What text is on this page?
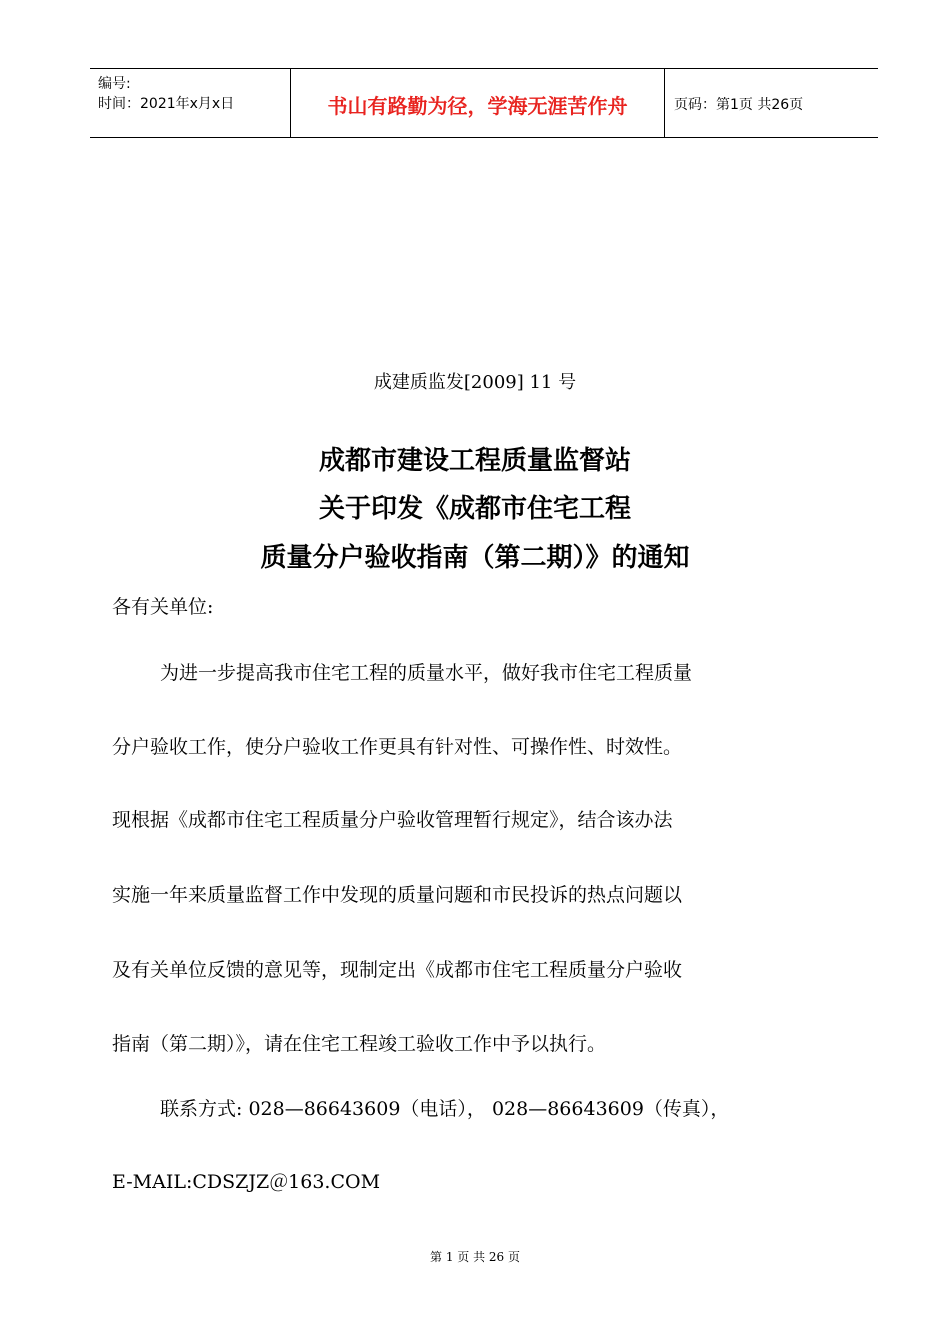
编号:
时间：2021年x月x日	书山有路勤为径，学海无涯苦作舟	页码：第1页 共26页
成建质监发[2009] 11 号
成都市建设工程质量监督站
关于印发《成都市住宅工程
质量分户验收指南（第二期）》的通知
各有关单位:
为进一步提高我市住宅工程的质量水平，做好我市住宅工程质量
分户验收工作，使分户验收工作更具有针对性、可操作性、时效性。
现根据《成都市住宅工程质量分户验收管理暂行规定》，结合该办法
实施一年来质量监督工作中发现的质量问题和市民投诉的热点问题以
及有关单位反馈的意见等，现制定出《成都市住宅工程质量分户验收
指南（第二期）》，请在住宅工程竣工验收工作中予以执行。
联系方式: 028—86643609（电话）， 028—86643609（传真），
E-MAIL:CDSZJZ＠163.COM
第 1 页 共 26 页
